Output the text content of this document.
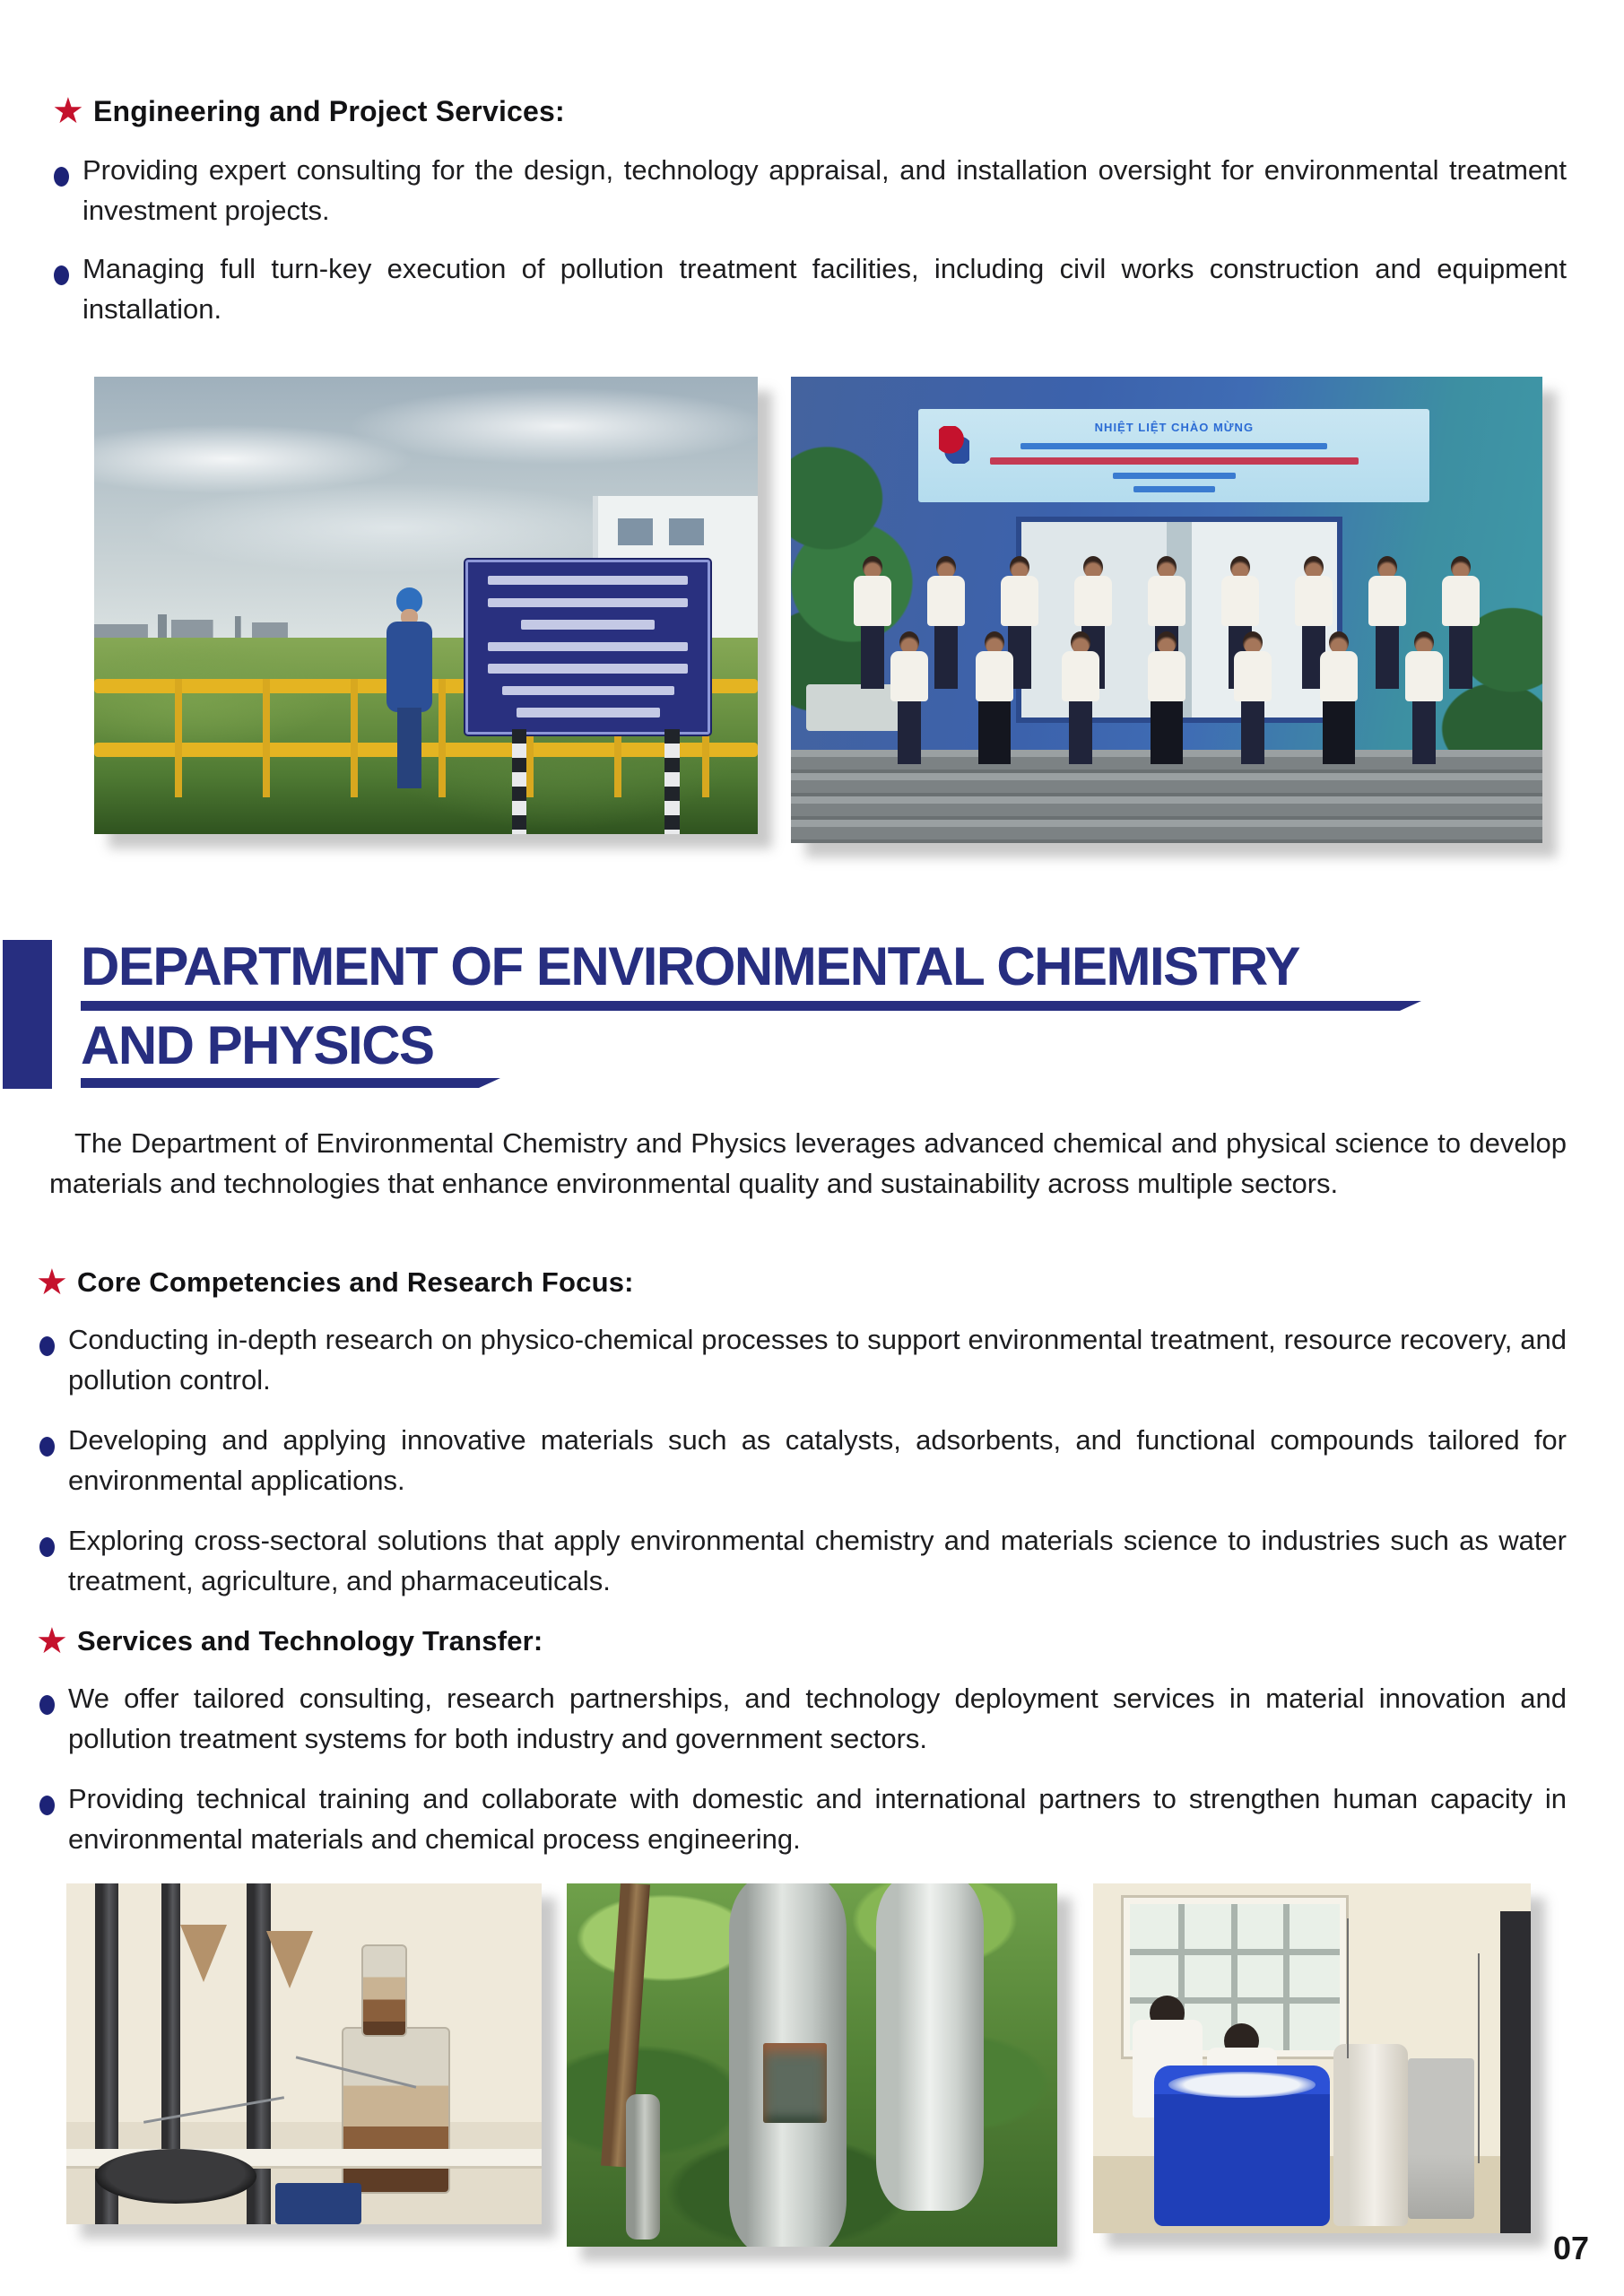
★ Engineering and Project Services:

Providing expert consulting for the design, technology appraisal, and installation oversight for environmental treatment investment projects.

Managing full turn-key execution of pollution treatment facilities, including civil works construction and equipment installation.

NHIỆT LIỆT CHÀO MỪNG
DEPARTMENT OF ENVIRONMENTAL CHEMISTRY
AND PHYSICS

The Department of Environmental Chemistry and Physics leverages advanced chemical and physical science to develop materials and technologies that enhance environmental quality and sustainability across multiple sectors.

★ Core Competencies and Research Focus:

Conducting in-depth research on physico-chemical processes to support environmental treatment, resource recovery, and pollution control.

Developing and applying innovative materials such as catalysts, adsorbents, and functional compounds tailored for environmental applications.

Exploring cross-sectoral solutions that apply environmental chemistry and materials science to industries such as water treatment, agriculture, and pharmaceuticals.

★ Services and Technology Transfer:

We offer tailored consulting, research partnerships, and technology deployment services in material innovation and pollution treatment systems for both industry and government sectors.

Providing technical training and collaborate with domestic and international partners to strengthen human capacity in environmental materials and chemical process engineering.

07
